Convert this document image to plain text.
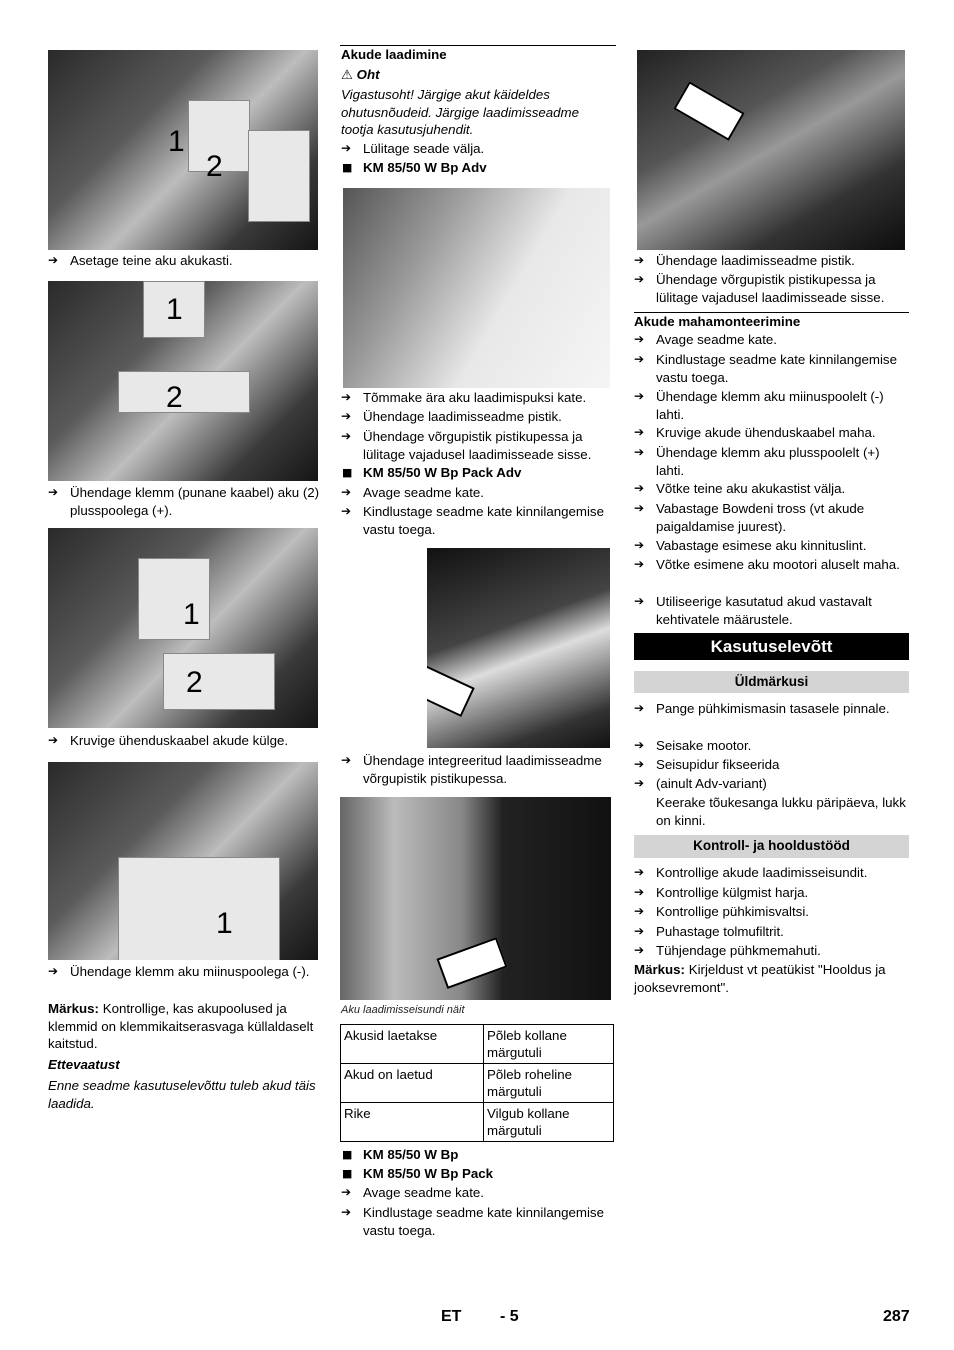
1
2
➔ Asetage teine aku akukasti.
1
2
➔ Ühendage klemm (punane kaabel) aku (2) plusspoolega (+).
1
2
➔ Kruvige ühenduskaabel akude külge.
1
➔ Ühendage klemm aku miinuspoolega (-).
Märkus: Kontrollige, kas akupoolused ja klemmid on klemmikaitserasvaga küllaldaselt kaitstud.
Ettevaatust
Enne seadme kasutuselevõttu tuleb akud täis laadida.
Akude laadimine
⚠ Oht
Vigastusoht! Järgige akut käideldes ohutusnõudeid. Järgige laadimisseadme tootja kasutusjuhendit.
➔ Lülitage seade välja.
■ KM 85/50 W Bp Adv
➔ Tõmmake ära aku laadimispuksi kate.
➔ Ühendage laadimisseadme pistik.
➔ Ühendage võrgupistik pistikupessa ja lülitage vajadusel laadimisseade sisse.
■ KM 85/50 W Bp Pack Adv
➔ Avage seadme kate.
➔ Kindlustage seadme kate kinnilangemise vastu toega.
➔ Ühendage integreeritud laadimisseadme võrgupistik pistikupessa.
Aku laadimisseisundi näit
Akusid laetakse	Põleb kollane märgutuli
Akud on laetud	Põleb roheline märgutuli
Rike	Vilgub kollane märgutuli
■ KM 85/50 W Bp
■ KM 85/50 W Bp Pack
➔ Avage seadme kate.
➔ Kindlustage seadme kate kinnilangemise vastu toega.
➔ Ühendage laadimisseadme pistik.
➔ Ühendage võrgupistik pistikupessa ja lülitage vajadusel laadimisseade sisse.
Akude mahamonteerimine
➔ Avage seadme kate.
➔ Kindlustage seadme kate kinnilangemise vastu toega.
➔ Ühendage klemm aku miinuspoolelt (-) lahti.
➔ Kruvige akude ühenduskaabel maha.
➔ Ühendage klemm aku plusspoolelt (+) lahti.
➔ Võtke teine aku akukastist välja.
➔ Vabastage Bowdeni tross (vt akude paigaldamise juurest).
➔ Vabastage esimese aku kinnituslint.
➔ Võtke esimene aku mootori aluselt maha.
➔ Utiliseerige kasutatud akud vastavalt kehtivatele määrustele.
Kasutuselevõtt
Üldmärkusi
➔ Pange pühkimismasin tasasele pinnale.
➔ Seisake mootor.
➔ Seisupidur fikseerida
➔ (ainult Adv-variant)
Keerake tõukesanga lukku päripäeva, lukk on kinni.
Kontroll- ja hooldustööd
➔ Kontrollige akude laadimisseisundit.
➔ Kontrollige külgmist harja.
➔ Kontrollige pühkimisvaltsi.
➔ Puhastage tolmufiltrit.
➔ Tühjendage pühkmemahuti.
Märkus: Kirjeldust vt peatükist "Hooldus ja jooksevremont".
ET - 5	287
